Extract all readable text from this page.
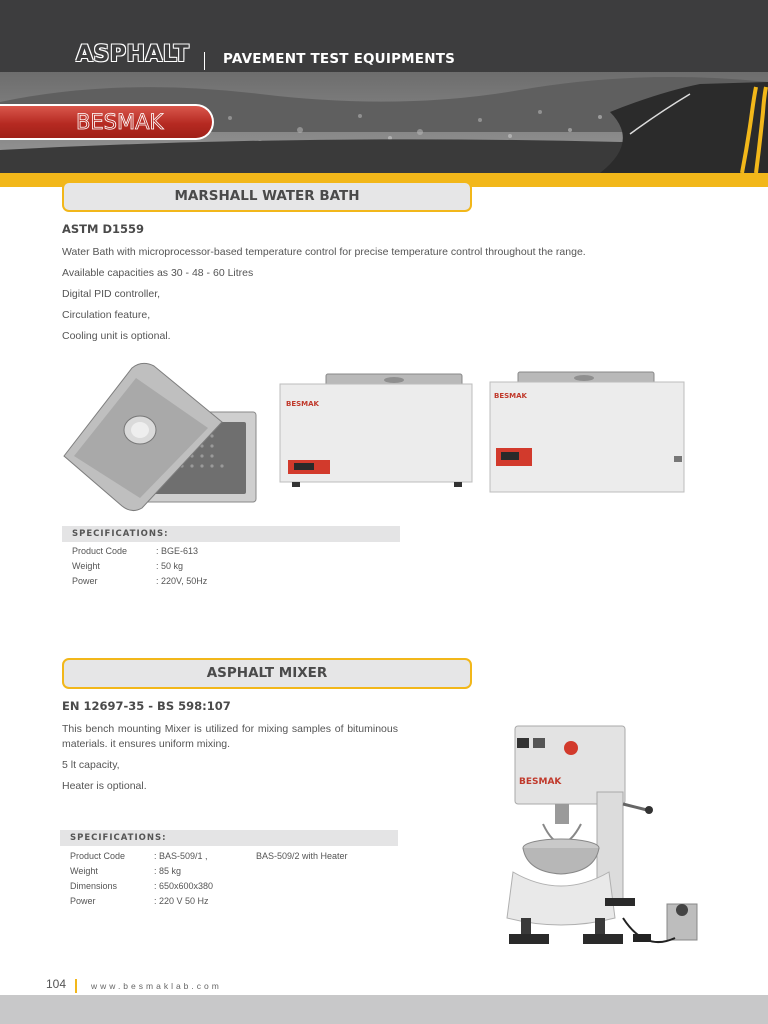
ASPHALT PAVEMENT TEST EQUIPMENTS
BESMAK
MARSHALL WATER BATH
ASTM D1559
Water Bath with microprocessor-based temperature control for precise temperature control throughout the range.
Available capacities as 30 - 48 - 60 Litres
Digital PID controller,
Circulation feature,
Cooling unit is optional.
BESMAK
BESMAK
SPECIFICATIONS:
Product Code	: BGE-613
Weight	: 50 kg
Power	: 220V, 50Hz
ASPHALT MIXER
EN 12697-35 - BS 598:107
This bench mounting Mixer is utilized for mixing samples of bituminous materials. it ensures uniform mixing.
5 lt capacity,
Heater is optional.
SPECIFICATIONS:
Product Code	: BAS-509/1 ,	BAS-509/2 with Heater
Weight	: 85 kg
Dimensions	: 650x600x380
Power	: 220 V 50 Hz
BESMAK
104	www.besmaklab.com
